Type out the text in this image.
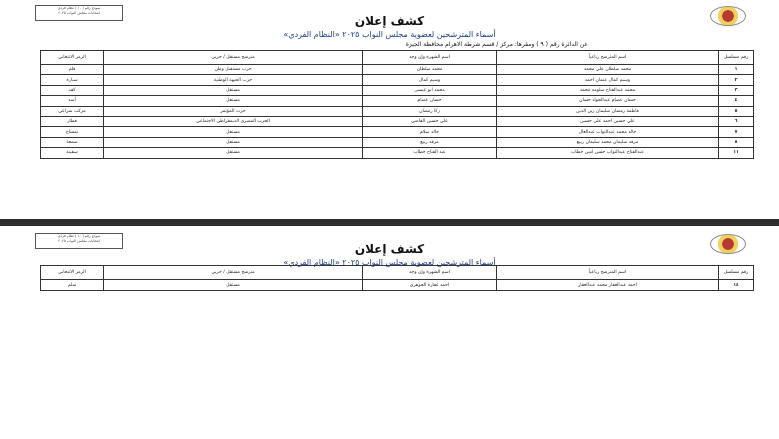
نموذج رقم ( ١٠ ) نظام فردى
انتخابات مجلس النواب ٢٠٢٥
كشف إعلان
أسماء المترشحين لعضوية مجلس النواب ٢٠٢٥ «النظام الفردي»
عن الدائرة رقم ( ٩ ) ومقرها: مركز / قسم شرطة الاهرام محافظة الجيزة
رقم مسلسل	اسم المترشح رباعياً	اسم الشهرة وإن وجد	مترشح مستقل / حزبي	الرمز الانتخابي
١	محمد سلطان علي محمد	محمد سلطان	حزب مستقبل وطن	قلم
٢	وسيم كمال عثمان احمد	وسيم كمال	حزب الجبهة الوطنية	سيارة
٣	محمد عبدالفتاح سلومه محمد	محمد ابو عيسى	مستقل	كف
٤	حسان عصام عبدالجواد حسان	حسان عصام	مستقل	أسد
٥	فاطمة رمضان سليمان زين الدين	زكا رمضان	حزب المؤتمر	مركب شراعي
٦	علي حسين احمد علي حسين	علي حسين القاضي	الحزب المصري الديمقراطي الاجتماعي	قطار
٧	خالد محمد عبدالتواب عبدالعال	خالد سلام	مستقل	تمساح
٨	مرقد سليمان محمد سليمان ربيع	مرقد ربيع	مستقل	شمعة
١١	عبدالفتاح عبدالتواب حسن امين خطاب	عبد الفتاح خطاب	مستقل	سفينة
نموذج رقم ( ١٠ ) نظام فردى
انتخابات مجلس النواب ٢٠٢٥
كشف إعلان
أسماء المترشحين لعضوية مجلس النواب ٢٠٢٥ «النظام الفردي»
رقم مسلسل	اسم المترشح رباعياً	اسم الشهرة وإن وجد	مترشح مستقل / حزبي	الرمز الانتخابي
١٤	احمد عبدالغفار محمد عبدالغفار	احمد غفارة الجوهري	مستقل	سلم
